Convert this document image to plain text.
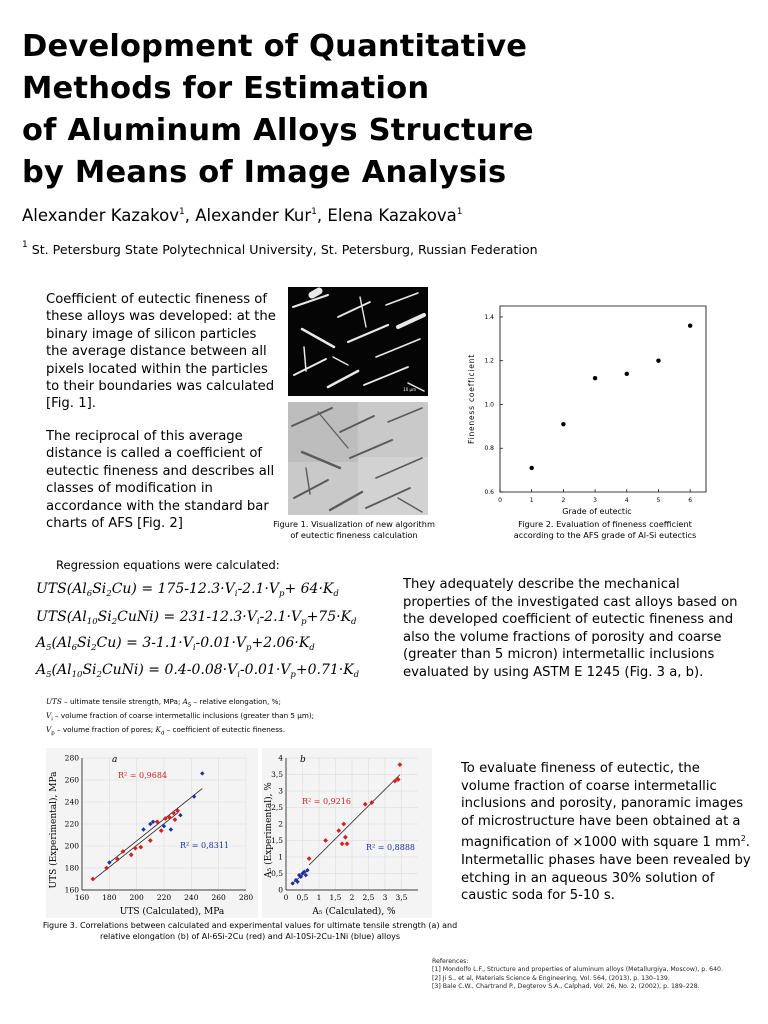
Development of Quantitative
Methods for Estimation
of Aluminum Alloys Structure
by Means of Image Analysis
Alexander Kazakov$^1$, Alexander Kur$^1$, Elena Kazakova$^1$
$^1$ St. Petersburg State Polytechnical University, St. Petersburg, Russian Federation
Coefficient of eutectic fineness of these alloys was developed: at the binary image of silicon particles the average distance between all pixels located within the particles to their boundaries was calculated [Fig. 1].
The reciprocal of this average distance is called a coefficient of eutectic fineness and describes all classes of modification in accordance with the standard bar charts of AFS [Fig. 2]
10 µm
Figure 1. Visualization of new algorithm of eutectic fineness calculation
0	1	2	3	4	5	6
0.6
0.8
1.0
1.2
1.4
Grade of eutectic
Fineness coefficient
Figure 2. Evaluation of fineness coefficient according to the AFS grade of Al-Si eutectics
Regression equations were calculated:
$UTS(Al_6Si_2Cu) = 175-12.3\cdot V_i-2.1\cdot V_p+ 64\cdot K_d$
$UTS(Al_{10}Si_2CuNi) = 231-12.3\cdot V_i-2.1\cdot V_p+75\cdot K_d$
$A_5(Al_6Si_2Cu) = 3-1.1\cdot V_i-0.01\cdot V_p+2.06\cdot K_d$
$A_5(Al_{10}Si_2CuNi) = 0.4-0.08\cdot V_i-0.01\cdot V_p+0.71\cdot K_d$
UTS – ultimate tensile strength, MPa; $A_5$ – relative elongation, %;
$V_i$ – volume fraction of coarse intermetallic inclusions (greater than 5 μm);
$V_p$ – volume fraction of pores; $K_d$ – coefficient of eutectic fineness.
They adequately describe the mechanical properties of the investigated cast alloys based on the developed coefficient of eutectic fineness and also the volume fractions of porosity and coarse (greater than 5 micron) intermetallic inclusions evaluated by using ASTM E 1245 (Fig. 3 a, b).
160 180 200 220 240 260 280
160
180
200
220
240
260
280	a
R² = 0,9684
R² = 0,8311
UTS (Calculated), MPa
UTS (Experimental), MPa
0 0,5 1 1,5 2 2,5 3 3,5
0
0,5
1
1,5
2
2,5
3
3,5
4 b
R² = 0,9216
R² = 0,8888
A₅ (Calculated), %
A₅ (Experimental), %
Figure 3. Correlations between calculated and experimental values for ultimate tensile strength (a) and relative elongation (b) of Al-6Si-2Cu (red) and Al-10Si-2Cu-1Ni (blue) alloys
To evaluate fineness of eutectic, the volume fraction of coarse intermetallic inclusions and porosity, panoramic images of microstructure have been obtained at a magnification of ×1000 with square 1 $mm^2$. Intermetallic phases have been revealed by etching in an aqueous 30% solution of caustic soda for 5-10 s.
References:
[1] Mondolfo L.F., Structure and properties of aluminum alloys (Metallurgiya, Moscow), p. 640.
[2] Ji S., et al, Materials Science & Engineering, Vol. 564, (2013), p. 130–139.
[3] Bale C.W., Chartrand P., Degterov S.A., Calphad, Vol. 26, No. 2, (2002), p. 189–228.
